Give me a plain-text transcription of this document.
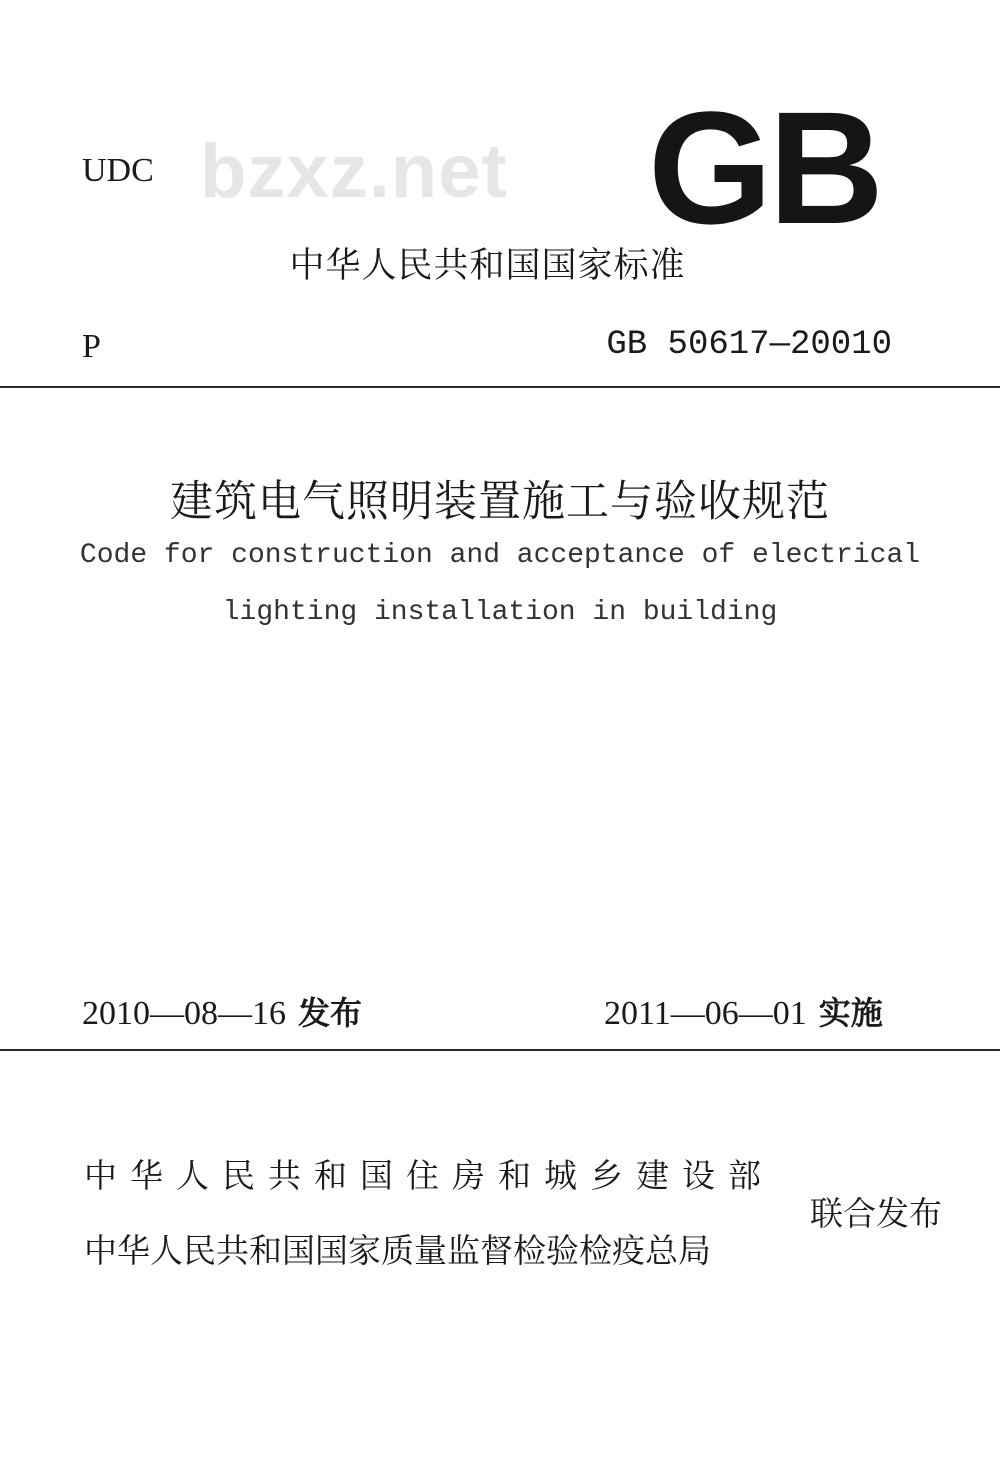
UDC bzxz.net GB
中华人民共和国国家标准
P	GB 50617—20010
建筑电气照明装置施工与验收规范
Code for construction and acceptance of electrical
lighting installation in building
2010—08—16 发布	2011—06—01 实施
中华人民共和国住房和城乡建设部
中华人民共和国国家质量监督检验检疫总局
联合发布
